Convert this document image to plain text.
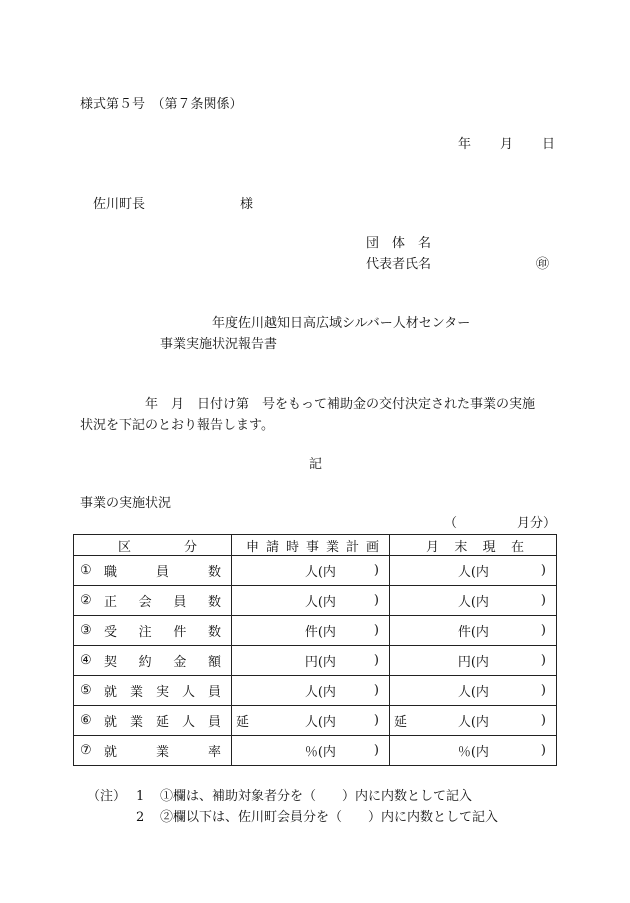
様式第５号　（第７条関係）
年　　月　　日
佐川町長	様
団　体　名
代表者氏名	㊞
年度佐川越知日高広域シルバー人材センター
事業実施状況報告書
年　月　日付け第　号をもって補助金の交付決定された事業の実施
状況を下記のとおり報告します。
記
事業の実施状況
（	月分）
区　　　分	申請時事業計画	月末現在

① 職員数	人(内 )	人(内 )

② 正会員数	人(内 )	人(内 )

③ 受注件数	件(内 )	件(内 )

④ 契約金額	円(内 )	円(内 )

⑤ 就業実人員	人(内 )	人(内 )

⑥ 就業延人員	延 人(内 )	延 人(内 )

⑦ 就業率	％(内 )	％(内 )
（注） 1 ①欄は、補助対象者分を（　　）内に内数として記入
2 ②欄以下は、佐川町会員分を（　　）内に内数として記入
